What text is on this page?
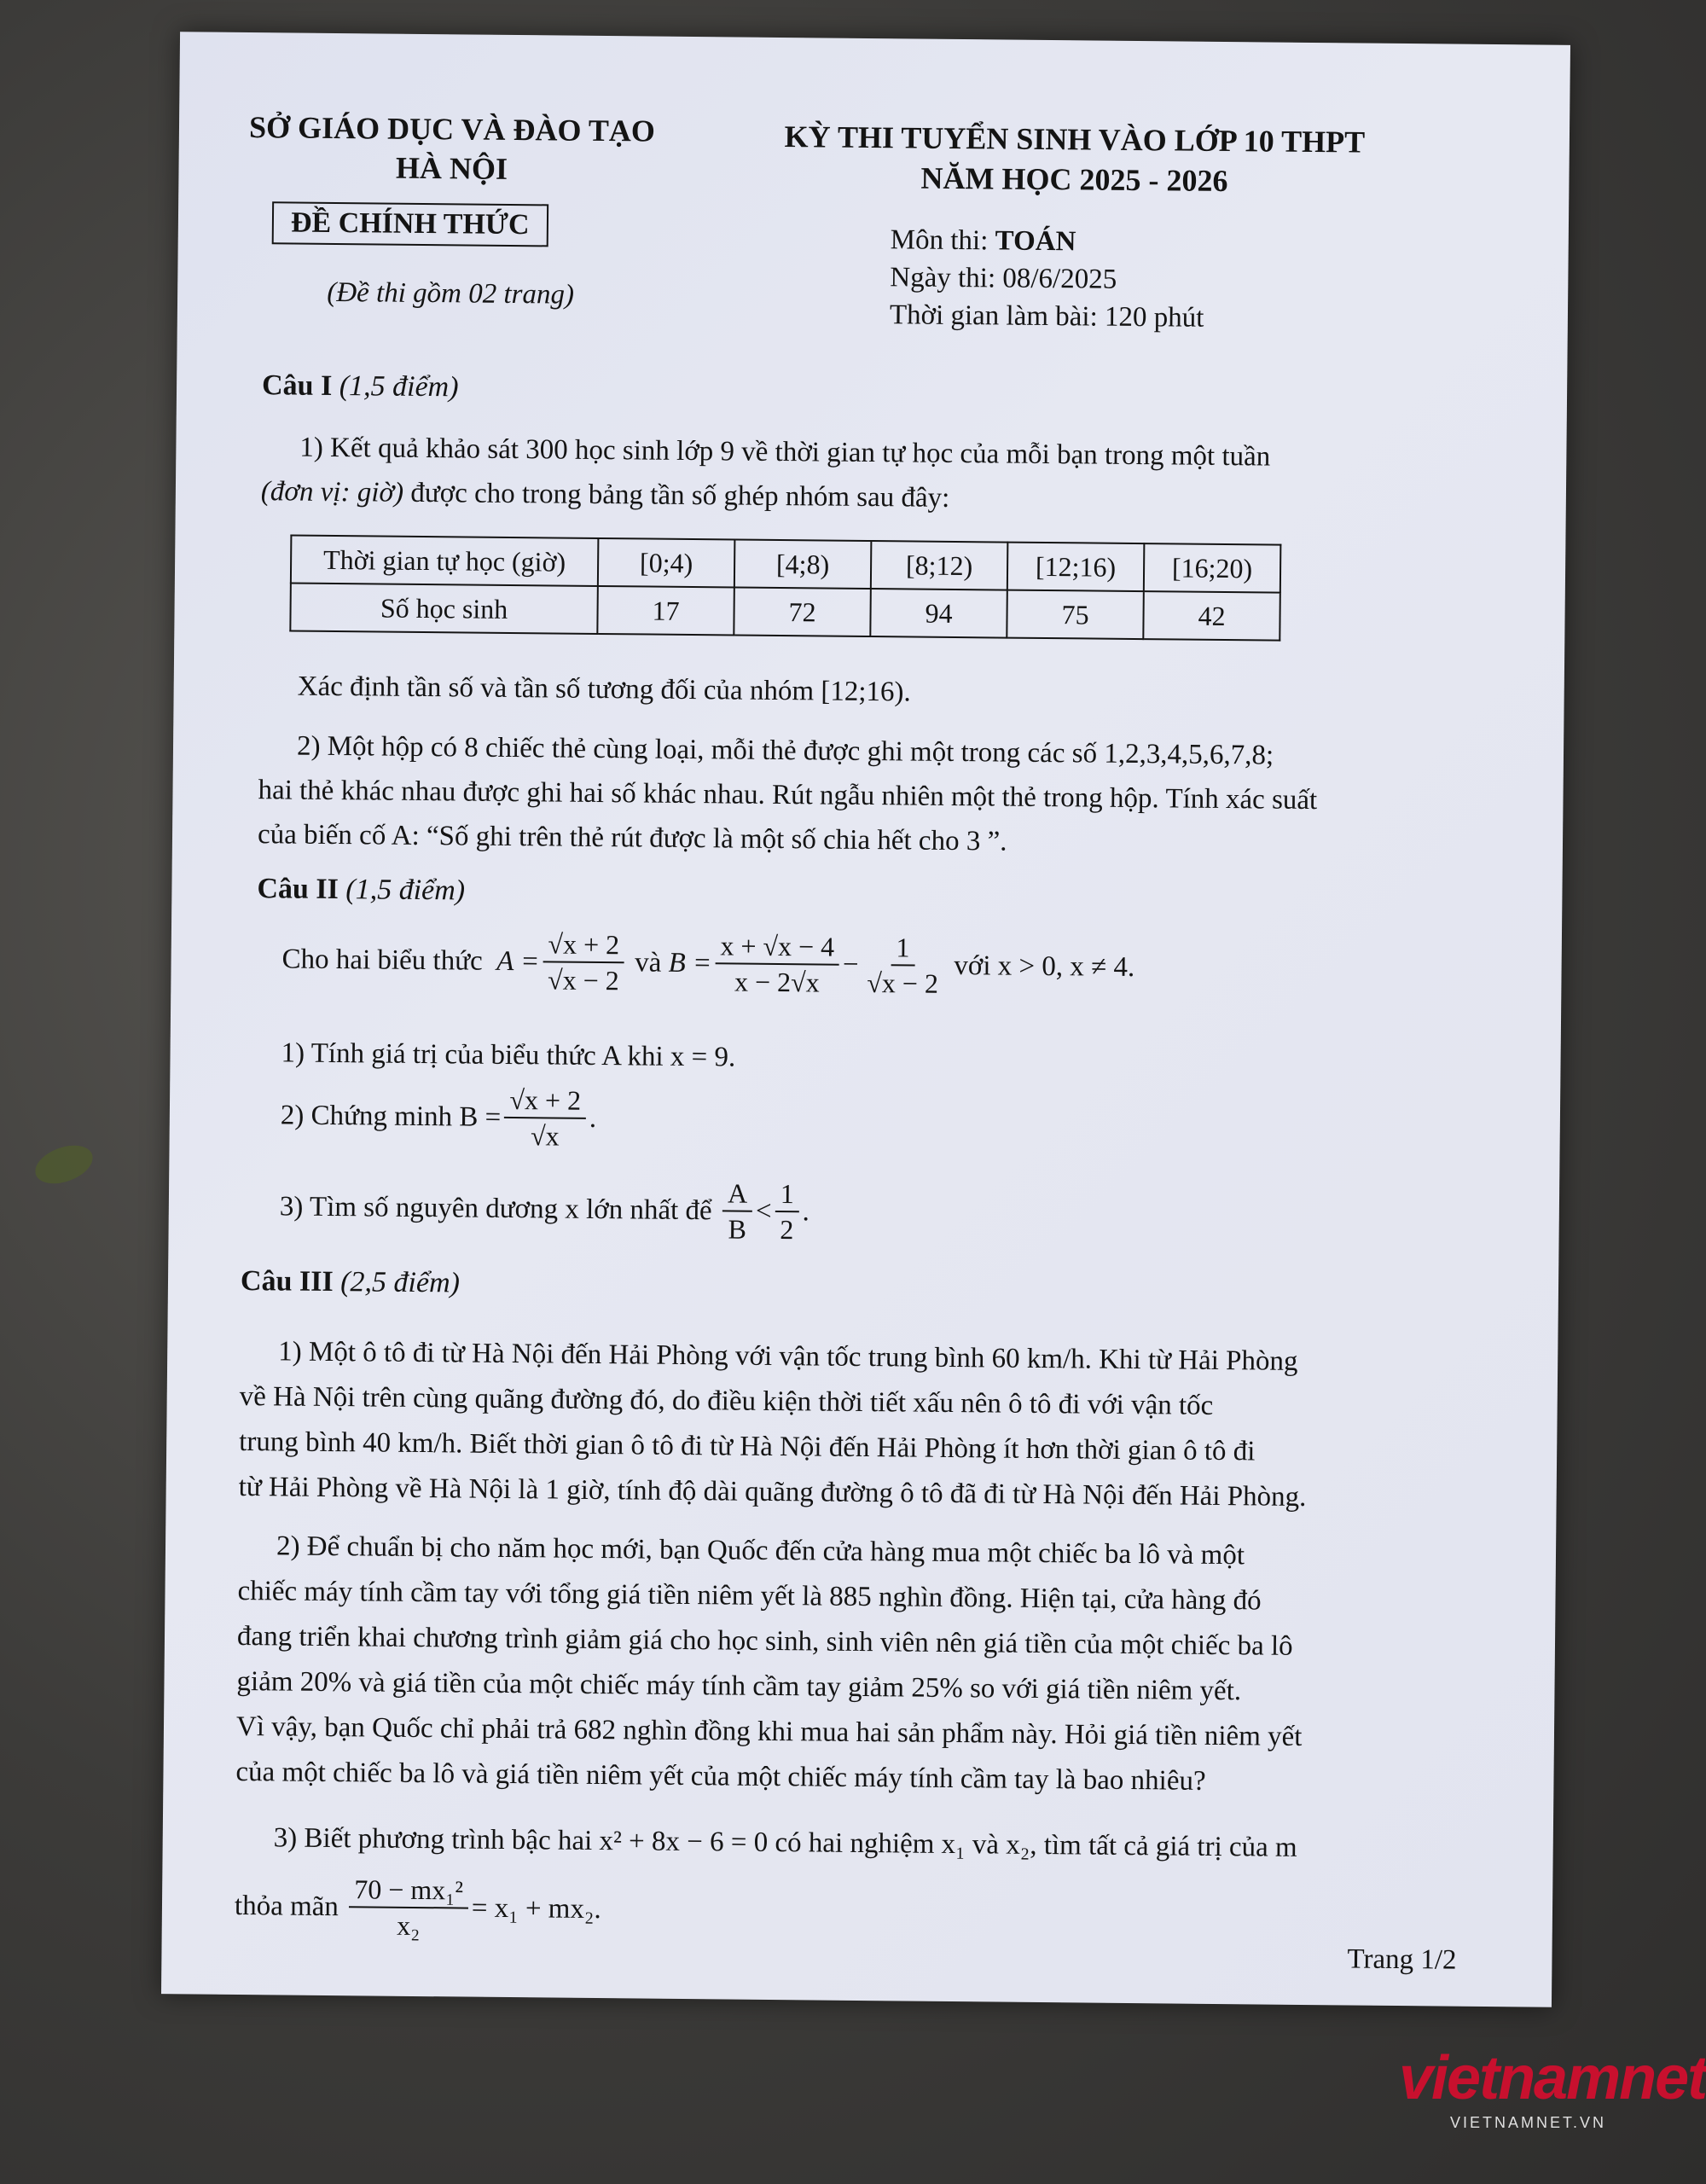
SỞ GIÁO DỤC VÀ ĐÀO TẠO
HÀ NỘI
ĐỀ CHÍNH THỨC
(Đề thi gồm 02 trang)
KỲ THI TUYỂN SINH VÀO LỚP 10 THPT
NĂM HỌC 2025 - 2026
Môn thi: TOÁN
Ngày thi: 08/6/2025
Thời gian làm bài: 120 phút
Câu I (1,5 điểm)
1) Kết quả khảo sát 300 học sinh lớp 9 về thời gian tự học của mỗi bạn trong một tuần
(đơn vị: giờ) được cho trong bảng tần số ghép nhóm sau đây:
Thời gian tự học (giờ)	[0;4)	[4;8)	[8;12)	[12;16)	[16;20)
Số học sinh	17	72	94	75	42
Xác định tần số và tần số tương đối của nhóm [12;16).
2) Một hộp có 8 chiếc thẻ cùng loại, mỗi thẻ được ghi một trong các số 1,2,3,4,5,6,7,8;
hai thẻ khác nhau được ghi hai số khác nhau. Rút ngẫu nhiên một thẻ trong hộp. Tính xác suất
của biến cố A: “Số ghi trên thẻ rút được là một số chia hết cho 3 ”.
Câu II (1,5 điểm)
Cho hai biểu thức
$A = \frac{√x + 2}{√x - 2}$
và
$B = \frac{x + √x - 4}{x - 2√x} - \frac{1}{√x - 2}$
với x > 0, x ≠ 4.
1) Tính giá trị của biểu thức A khi x = 9.
2) Chứng minh $B = \frac{√x + 2}{√x}$ .
3) Tìm số nguyên dương x lớn nhất để
$\frac{A}{B} < \frac{1}{2}$ .
Câu III (2,5 điểm)
1) Một ô tô đi từ Hà Nội đến Hải Phòng với vận tốc trung bình 60 km/h. Khi từ Hải Phòng
về Hà Nội trên cùng quãng đường đó, do điều kiện thời tiết xấu nên ô tô đi với vận tốc
trung bình 40 km/h. Biết thời gian ô tô đi từ Hà Nội đến Hải Phòng ít hơn thời gian ô tô đi
từ Hải Phòng về Hà Nội là 1 giờ, tính độ dài quãng đường ô tô đã đi từ Hà Nội đến Hải Phòng.
2) Để chuẩn bị cho năm học mới, bạn Quốc đến cửa hàng mua một chiếc ba lô và một
chiếc máy tính cầm tay với tổng giá tiền niêm yết là 885 nghìn đồng. Hiện tại, cửa hàng đó
đang triển khai chương trình giảm giá cho học sinh, sinh viên nên giá tiền của một chiếc ba lô
giảm 20% và giá tiền của một chiếc máy tính cầm tay giảm 25% so với giá tiền niêm yết.
Vì vậy, bạn Quốc chỉ phải trả 682 nghìn đồng khi mua hai sản phẩm này. Hỏi giá tiền niêm yết
của một chiếc ba lô và giá tiền niêm yết của một chiếc máy tính cầm tay là bao nhiêu?
3) Biết phương trình bậc hai x² + 8x − 6 = 0 có hai nghiệm x₁ và x₂, tìm tất cả giá trị của m
thỏa mãn
$\frac{\text{70 − mx₁²}}{\text{x₂}} = x_1 + mx_2$.
Trang 1/2
vietnamnet
VIETNAMNET.VN
